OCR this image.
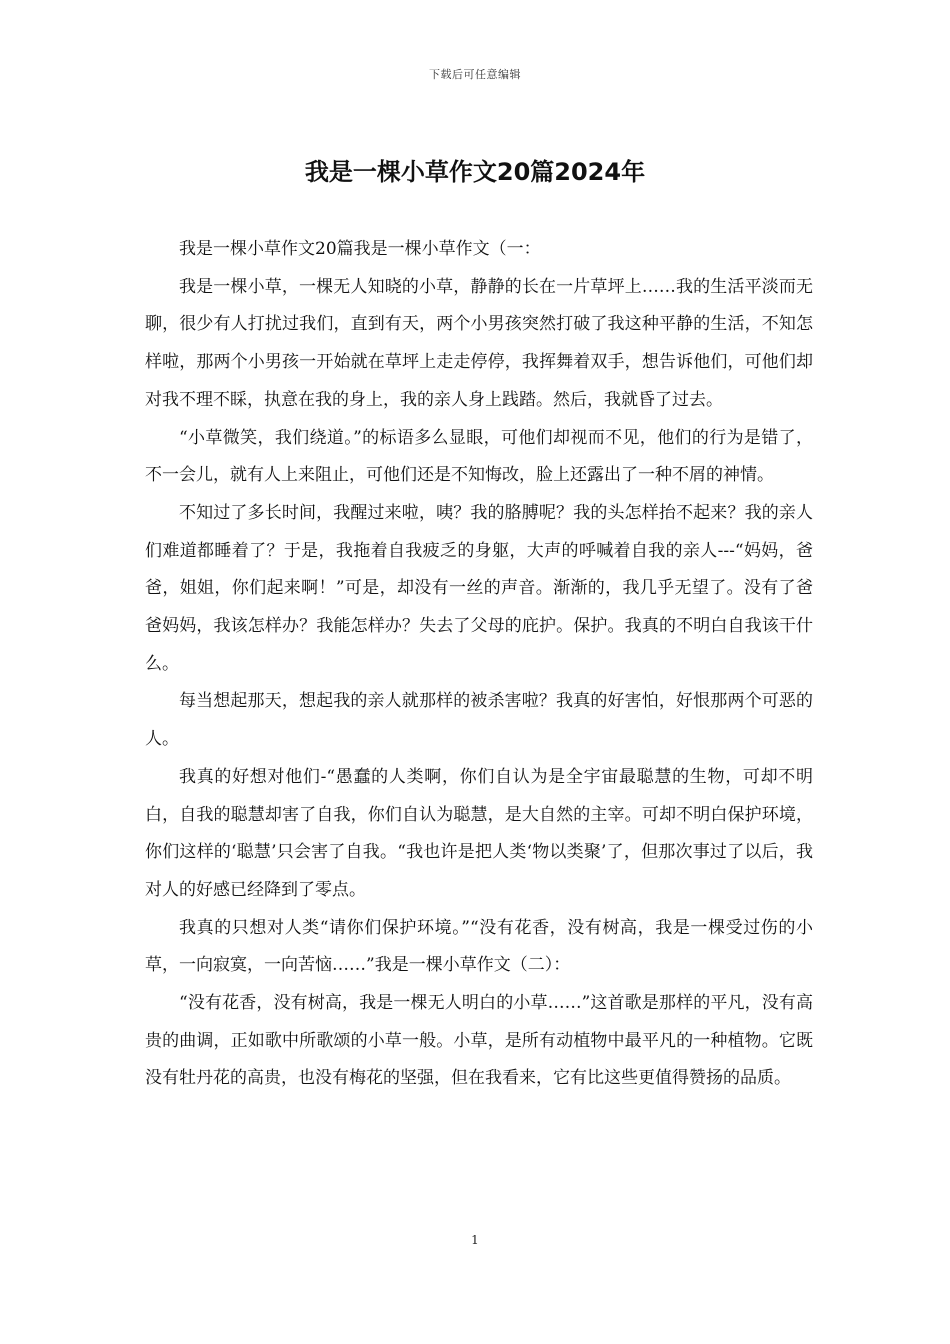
下载后可任意编辑
我是一棵小草作文20篇2024年

我是一棵小草作文20篇我是一棵小草作文（一：

我是一棵小草，一棵无人知晓的小草，静静的长在一片草坪上……我的生活平淡而无聊，很少有人打扰过我们，直到有天，两个小男孩突然打破了我这种平静的生活，不知怎样啦，那两个小男孩一开始就在草坪上走走停停，我挥舞着双手，想告诉他们，可他们却对我不理不睬，执意在我的身上，我的亲人身上践踏。然后，我就昏了过去。

“小草微笑，我们绕道。”的标语多么显眼，可他们却视而不见，他们的行为是错了，不一会儿，就有人上来阻止，可他们还是不知悔改，脸上还露出了一种不屑的神情。

不知过了多长时间，我醒过来啦，咦？我的胳膊呢？我的头怎样抬不起来？我的亲人们难道都睡着了？于是，我拖着自我疲乏的身躯，大声的呼喊着自我的亲人---“妈妈，爸爸，姐姐，你们起来啊！”可是，却没有一丝的声音。渐渐的，我几乎无望了。没有了爸爸妈妈，我该怎样办？我能怎样办？失去了父母的庇护。保护。我真的不明白自我该干什么。

每当想起那天，想起我的亲人就那样的被杀害啦？我真的好害怕，好恨那两个可恶的人。

我真的好想对他们-“愚蠢的人类啊，你们自认为是全宇宙最聪慧的生物，可却不明白，自我的聪慧却害了自我，你们自认为聪慧，是大自然的主宰。可却不明白保护环境，你们这样的‘聪慧’只会害了自我。“我也许是把人类‘物以类聚’了，但那次事过了以后，我对人的好感已经降到了零点。

我真的只想对人类“请你们保护环境。”“没有花香，没有树高，我是一棵受过伤的小草，一向寂寞，一向苦恼……”我是一棵小草作文（二）：

“没有花香，没有树高，我是一棵无人明白的小草……”这首歌是那样的平凡，没有高贵的曲调，正如歌中所歌颂的小草一般。小草，是所有动植物中最平凡的一种植物。它既没有牡丹花的高贵，也没有梅花的坚强，但在我看来，它有比这些更值得赞扬的品质。

1
